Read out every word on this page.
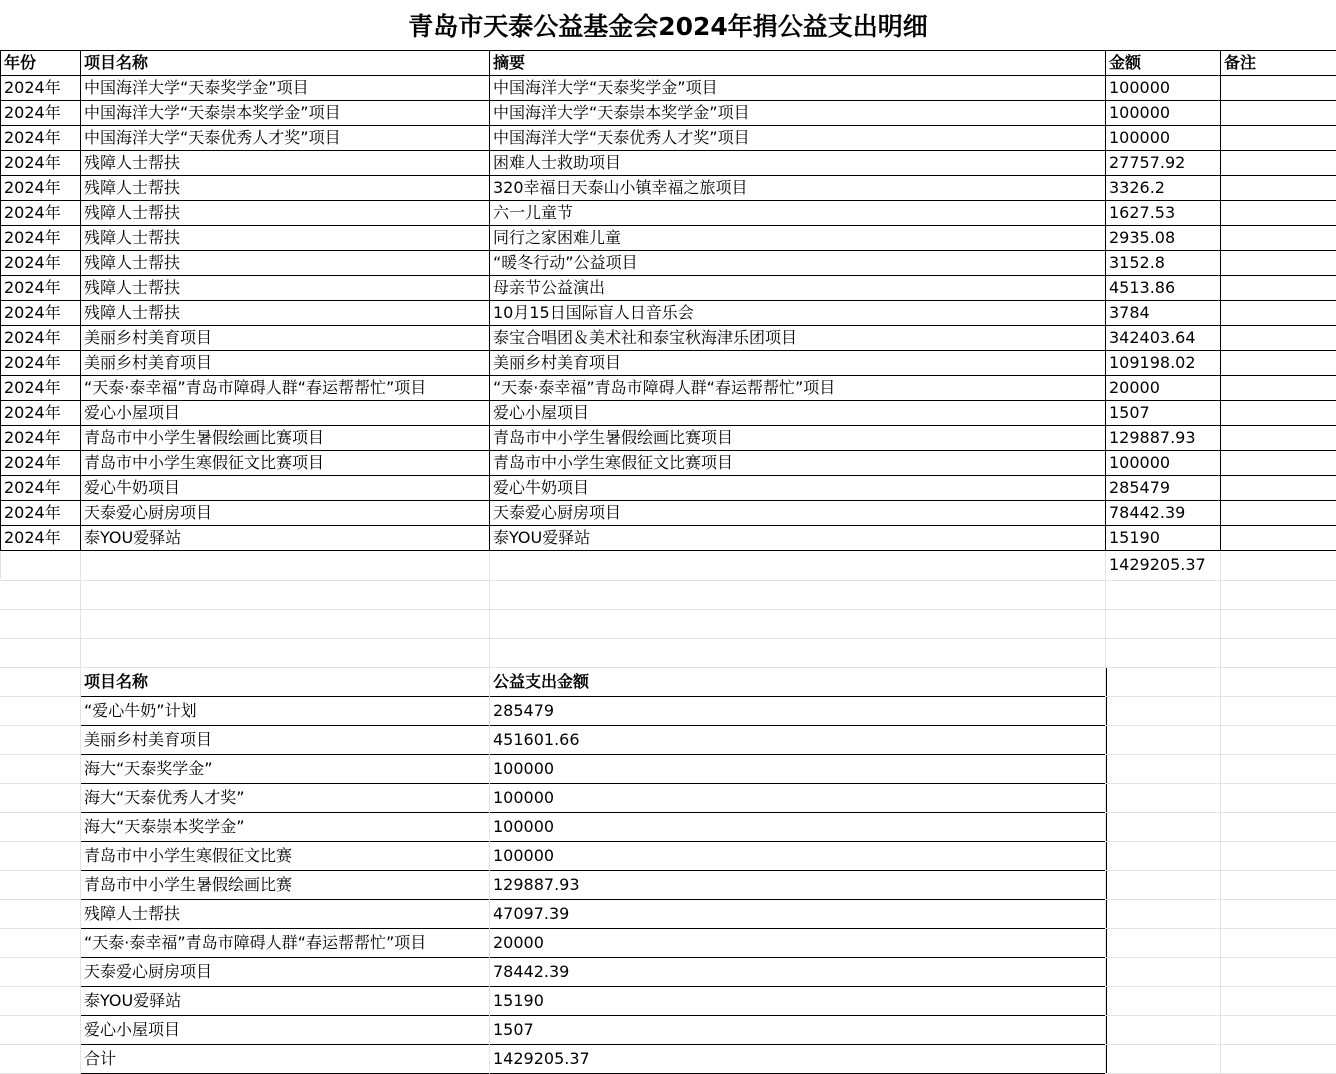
青岛市天泰公益基金会2024年捐公益支出明细
年份	项目名称	摘要	金额	备注
2024年	中国海洋大学“天泰奖学金”项目	中国海洋大学“天泰奖学金”项目	100000	
2024年	中国海洋大学“天泰崇本奖学金”项目	中国海洋大学“天泰崇本奖学金”项目	100000	
2024年	中国海洋大学“天泰优秀人才奖”项目	中国海洋大学“天泰优秀人才奖”项目	100000	
2024年	残障人士帮扶	困难人士救助项目	27757.92	
2024年	残障人士帮扶	320幸福日天泰山小镇幸福之旅项目	3326.2	
2024年	残障人士帮扶	六一儿童节	1627.53	
2024年	残障人士帮扶	同行之家困难儿童	2935.08	
2024年	残障人士帮扶	“暖冬行动”公益项目	3152.8	
2024年	残障人士帮扶	母亲节公益演出	4513.86	
2024年	残障人士帮扶	10月15日国际盲人日音乐会	3784	
2024年	美丽乡村美育项目	泰宝合唱团＆美术社和泰宝秋海津乐团项目	342403.64	
2024年	美丽乡村美育项目	美丽乡村美育项目	109198.02	
2024年	“天泰·泰幸福”青岛市障碍人群“春运帮帮忙”项目	“天泰·泰幸福”青岛市障碍人群“春运帮帮忙”项目	20000	
2024年	爱心小屋项目	爱心小屋项目	1507	
2024年	青岛市中小学生暑假绘画比赛项目	青岛市中小学生暑假绘画比赛项目	129887.93	
2024年	青岛市中小学生寒假征文比赛项目	青岛市中小学生寒假征文比赛项目	100000	
2024年	爱心牛奶项目	爱心牛奶项目	285479	
2024年	天泰爱心厨房项目	天泰爱心厨房项目	78442.39	
2024年	泰YOU爱驿站	泰YOU爱驿站	15190	
			1429205.37	
项目名称	公益支出金额
“爱心牛奶”计划	285479
美丽乡村美育项目	451601.66
海大“天泰奖学金”	100000
海大“天泰优秀人才奖”	100000
海大“天泰崇本奖学金”	100000
青岛市中小学生寒假征文比赛	100000
青岛市中小学生暑假绘画比赛	129887.93
残障人士帮扶	47097.39
“天泰·泰幸福”青岛市障碍人群“春运帮帮忙”项目	20000
天泰爱心厨房项目	78442.39
泰YOU爱驿站	15190
爱心小屋项目	1507
合计	1429205.37
